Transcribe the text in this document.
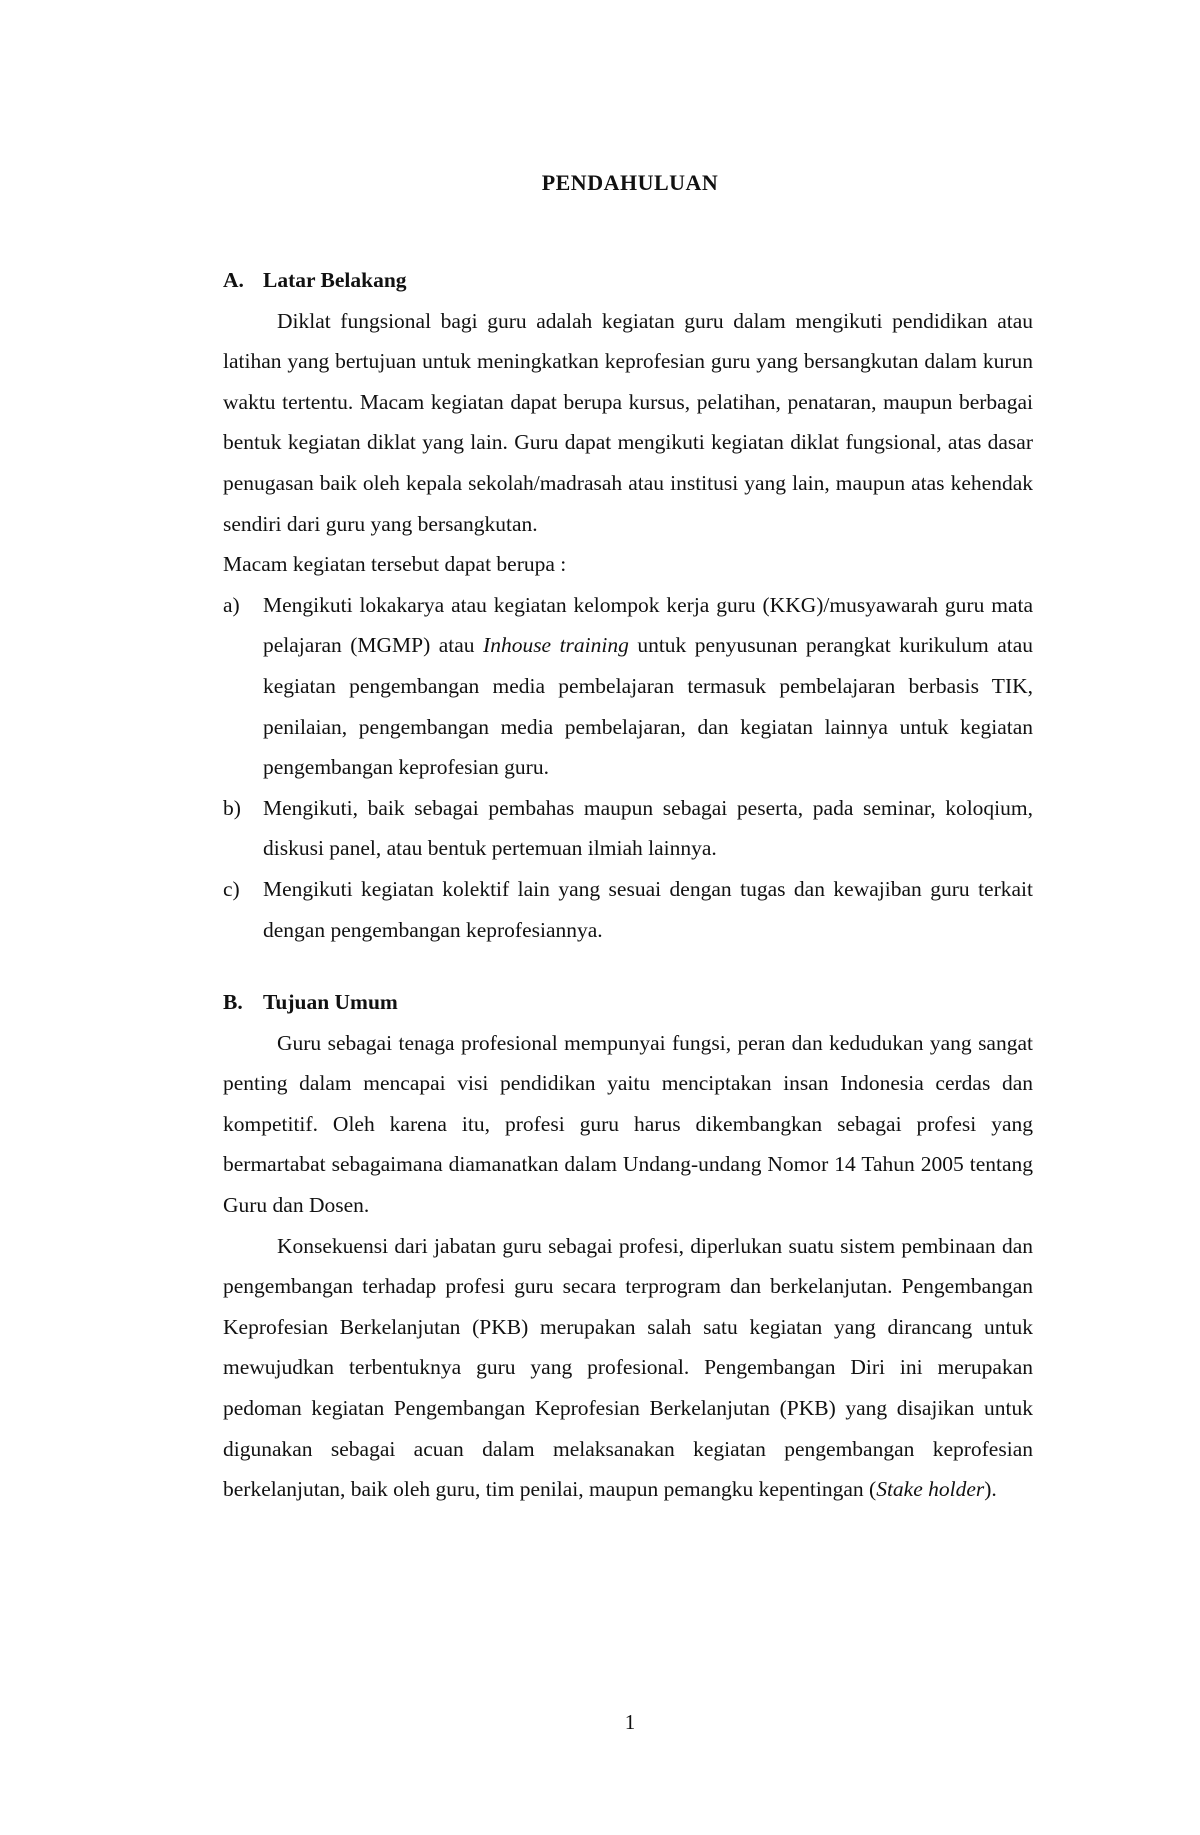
PENDAHULUAN
A. Latar Belakang

Diklat fungsional bagi guru adalah kegiatan guru dalam mengikuti pendidikan atau latihan yang bertujuan untuk meningkatkan keprofesian guru yang bersangkutan dalam kurun waktu tertentu. Macam kegiatan dapat berupa kursus, pelatihan, penataran, maupun berbagai bentuk kegiatan diklat yang lain. Guru dapat mengikuti kegiatan diklat fungsional, atas dasar penugasan baik oleh kepala sekolah/madrasah atau institusi yang lain, maupun atas kehendak sendiri dari guru yang bersangkutan.

Macam kegiatan tersebut dapat berupa :

a)	Mengikuti lokakarya atau kegiatan kelompok kerja guru (KKG)/musyawarah guru mata pelajaran (MGMP) atau Inhouse training untuk penyusunan perangkat kurikulum atau kegiatan pengembangan media pembelajaran termasuk pembelajaran berbasis TIK, penilaian, pengembangan media pembelajaran, dan kegiatan lainnya untuk kegiatan pengembangan keprofesian guru.
b)	Mengikuti, baik sebagai pembahas maupun sebagai peserta, pada seminar, koloqium, diskusi panel, atau bentuk pertemuan ilmiah lainnya.
c)	Mengikuti kegiatan kolektif lain yang sesuai dengan tugas dan kewajiban guru terkait dengan pengembangan keprofesiannya.
B. Tujuan Umum

Guru sebagai tenaga profesional mempunyai fungsi, peran dan kedudukan yang sangat penting dalam mencapai visi pendidikan yaitu menciptakan insan Indonesia cerdas dan kompetitif. Oleh karena itu, profesi guru harus dikembangkan sebagai profesi yang bermartabat sebagaimana diamanatkan dalam Undang-undang Nomor 14 Tahun 2005 tentang Guru dan Dosen.

Konsekuensi dari jabatan guru sebagai profesi, diperlukan suatu sistem pembinaan dan pengembangan terhadap profesi guru secara terprogram dan berkelanjutan. Pengembangan Keprofesian Berkelanjutan (PKB) merupakan salah satu kegiatan yang dirancang untuk mewujudkan terbentuknya guru yang profesional. Pengembangan Diri ini merupakan pedoman kegiatan Pengembangan Keprofesian Berkelanjutan (PKB) yang disajikan untuk digunakan sebagai acuan dalam melaksanakan kegiatan pengembangan keprofesian berkelanjutan, baik oleh guru, tim penilai, maupun pemangku kepentingan (Stake holder).

1
